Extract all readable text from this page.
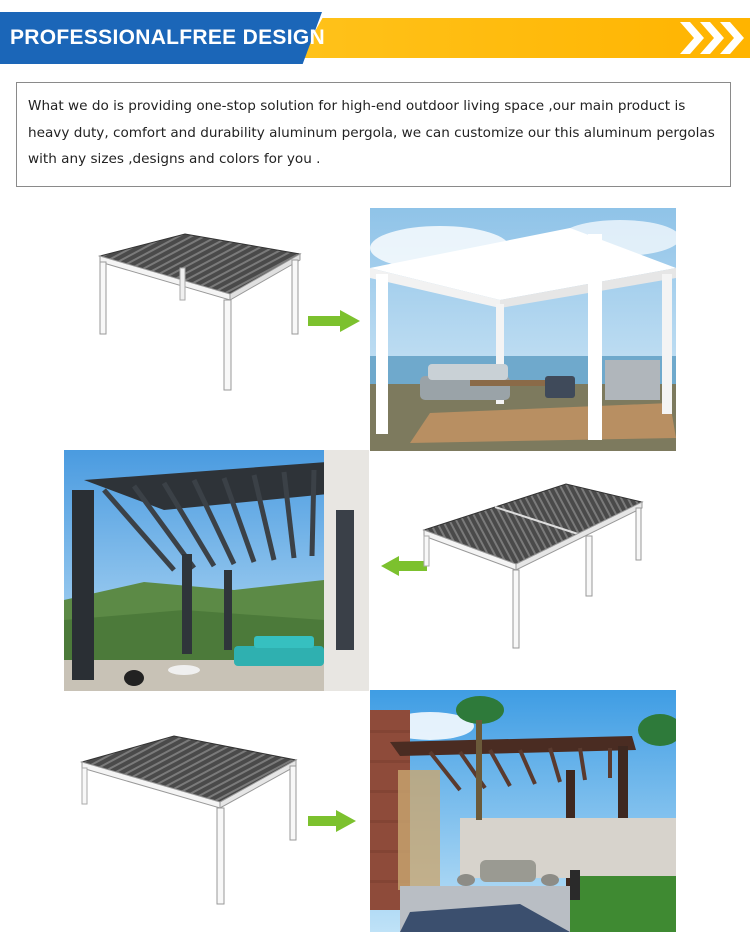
PROFESSIONALFREE DESIGN
What we do is providing one-stop solution for high-end outdoor living space ,our main product is heavy duty, comfort and durability aluminum pergola, we can customize our this aluminum pergolas with any sizes ,designs and colors for you .
